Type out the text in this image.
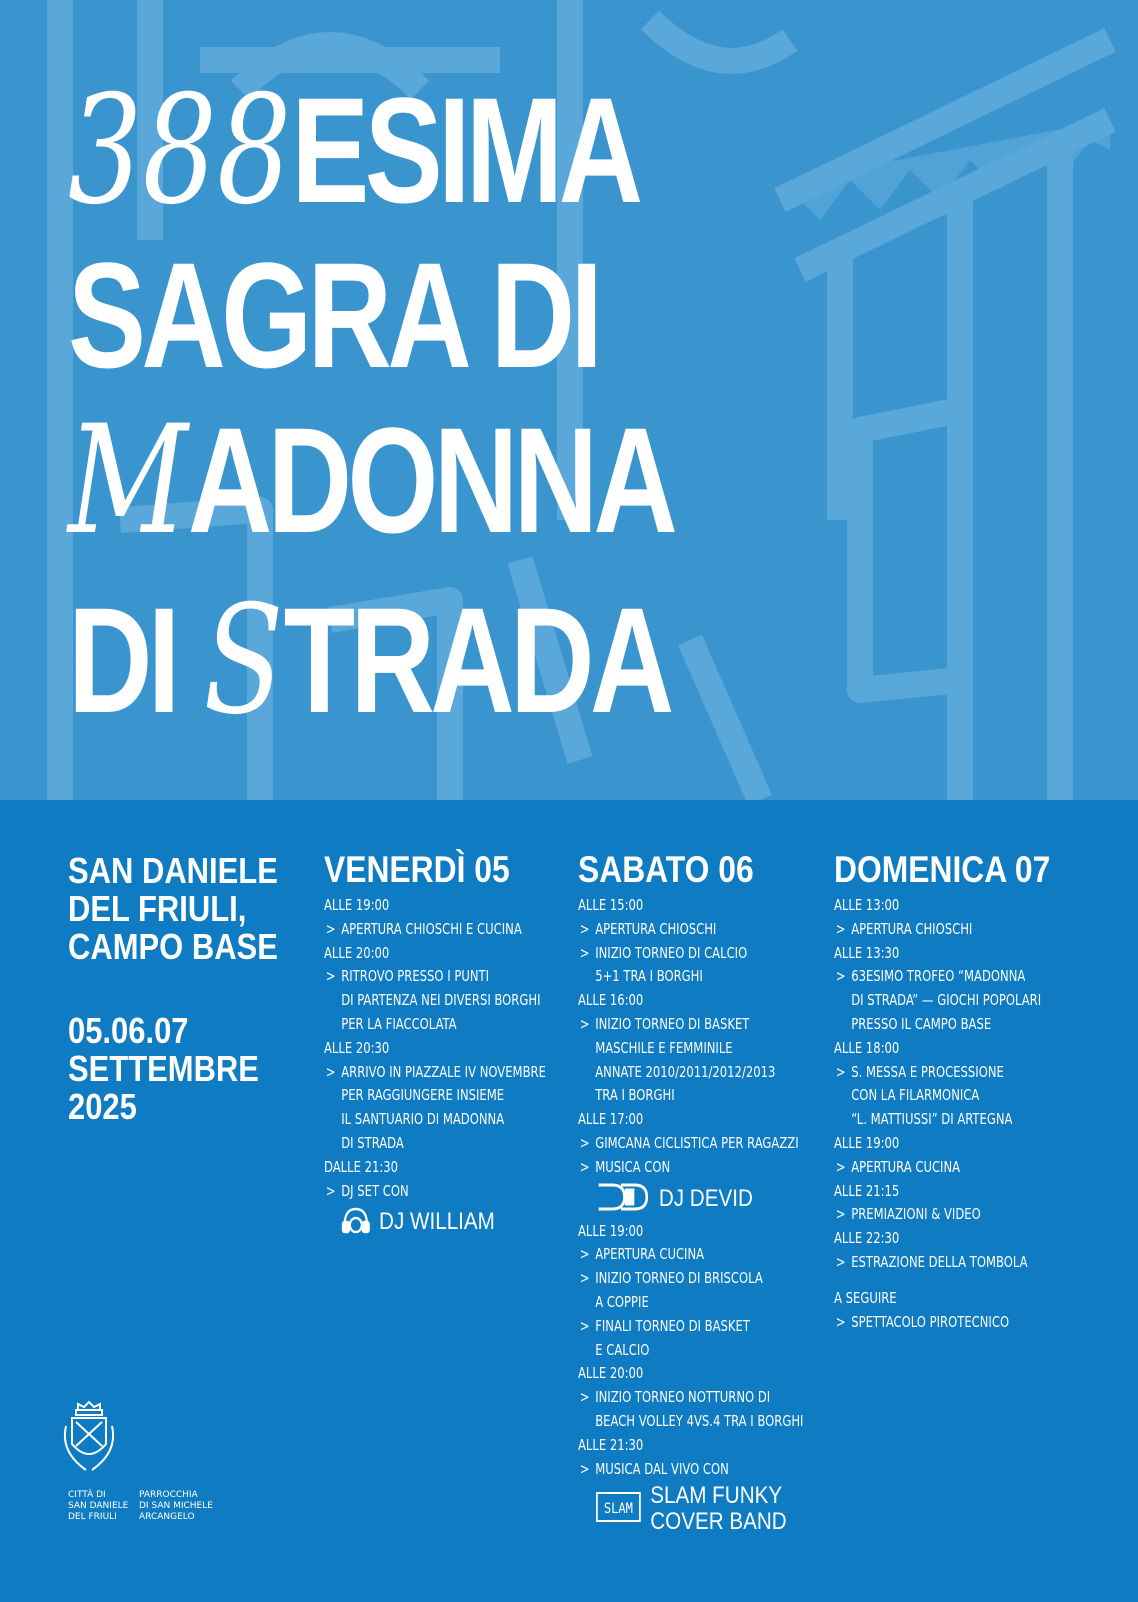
388ESIMA
SAGRA DI
MADONNA
DI STRADA
SAN DANIELE
DEL FRIULI,
CAMPO BASE
05.06.07
SETTEMBRE
2025
VENERDÌ 05
ALLE 19:00
> APERTURA CHIOSCHI E CUCINA
ALLE 20:00
> RITROVO PRESSO I PUNTI
DI PARTENZA NEI DIVERSI BORGHI
PER LA FIACCOLATA
ALLE 20:30
> ARRIVO IN PIAZZALE IV NOVEMBRE
PER RAGGIUNGERE INSIEME
IL SANTUARIO DI MADONNA
DI STRADA
DALLE 21:30
> DJ SET CON
DJ WILLIAM
SABATO 06
ALLE 15:00
> APERTURA CHIOSCHI
> INIZIO TORNEO DI CALCIO
5+1 TRA I BORGHI
ALLE 16:00
> INIZIO TORNEO DI BASKET
MASCHILE E FEMMINILE
ANNATE 2010/2011/2012/2013
TRA I BORGHI
ALLE 17:00
> GIMCANA CICLISTICA PER RAGAZZI
> MUSICA CON
DJ DEVID
ALLE 19:00
> APERTURA CUCINA
> INIZIO TORNEO DI BRISCOLA
A COPPIE
> FINALI TORNEO DI BASKET
E CALCIO
ALLE 20:00
> INIZIO TORNEO NOTTURNO DI
BEACH VOLLEY 4VS.4 TRA I BORGHI
ALLE 21:30
> MUSICA DAL VIVO CON
SLAM
SLAM FUNKY
COVER BAND
DOMENICA 07
ALLE 13:00
> APERTURA CHIOSCHI
ALLE 13:30
> 63ESIMO TROFEO “MADONNA
DI STRADA” — GIOCHI POPOLARI
PRESSO IL CAMPO BASE
ALLE 18:00
> S. MESSA E PROCESSIONE
CON LA FILARMONICA
“L. MATTIUSSI” DI ARTEGNA
ALLE 19:00
> APERTURA CUCINA
ALLE 21:15
> PREMIAZIONI & VIDEO
ALLE 22:30
> ESTRAZIONE DELLA TOMBOLA
A SEGUIRE
> SPETTACOLO PIROTECNICO
CITTÀ DI
SAN DANIELE
DEL FRIULI
PARROCCHIA
DI SAN MICHELE
ARCANGELO
